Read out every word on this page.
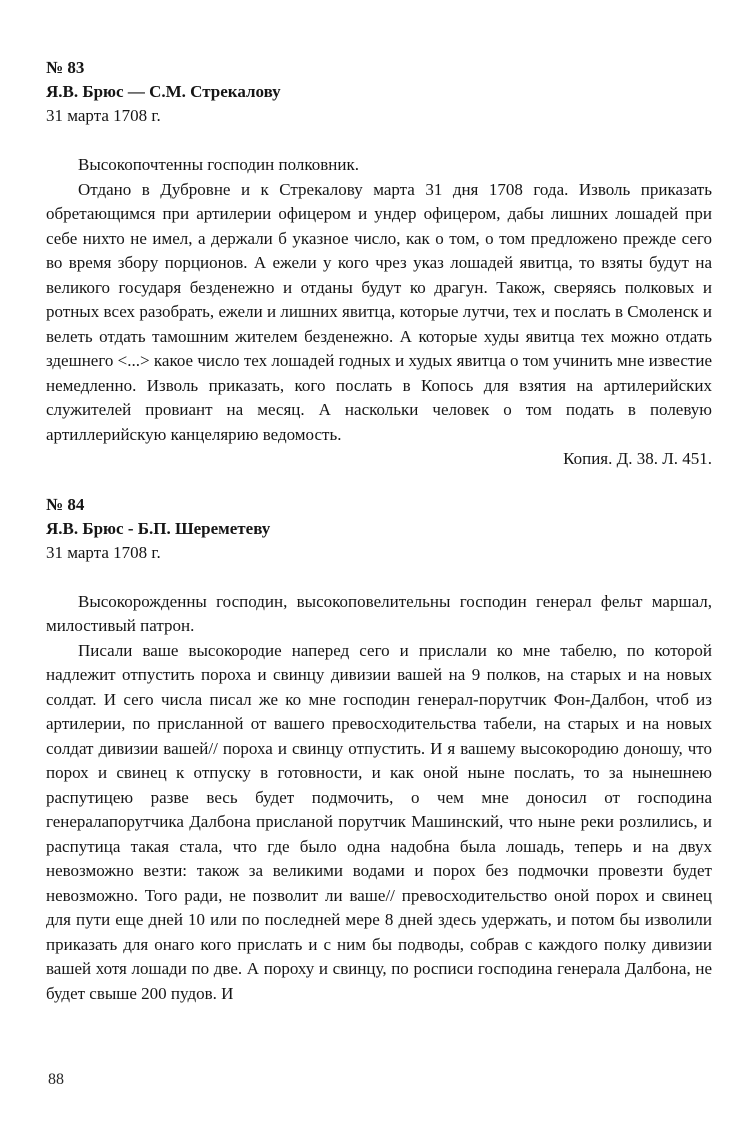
№ 83
Я.В. Брюс — С.М. Стрекалову
31 марта 1708 г.

Высокопочтенны господин полковник.

Отдано в Дубровне и к Стрекалову марта 31 дня 1708 года. Изволь приказать обретающимся при артилерии офицером и ундер офицером, дабы лишних лошадей при себе нихто не имел, а держали б указное число, как о том, о том предложено прежде сего во время збору порционов. А ежели у кого чрез указ лошадей явитца, то взяты будут на великого государя безденежно и отданы будут ко драгун. Також, сверяясь полковых и ротных всех разобрать, ежели и лишних явитца, которые лутчи, тех и послать в Смоленск и велеть отдать тамошним жителем безденежно. А которые худы явитца тех можно отдать здешнего <...> какое число тех лошадей годных и худых явитца о том учинить мне известие немедленно. Изволь приказать, кого послать в Копось для взятия на артилерийских служителей провиант на месяц. А наскольки человек о том подать в полевую артиллерийскую канцелярию ведомость.

Копия. Д. 38. Л. 451.

№ 84
Я.В. Брюс - Б.П. Шереметеву
31 марта 1708 г.

Высокорожденны господин, высокоповелительны господин генерал фельт маршал, милостивый патрон.

Писали ваше высокородие наперед сего и прислали ко мне табелю, по которой надлежит отпустить пороха и свинцу дивизии вашей на 9 полков, на старых и на новых солдат. И сего числа писал же ко мне господин генерал-порутчик Фон-Далбон, чтоб из артилерии, по присланной от вашего превосходительства табели, на старых и на новых солдат дивизии вашей// пороха и свинцу отпустить. И я вашему высокородию доношу, что порох и свинец к отпуску в готовности, и как оной ныне послать, то за нынешнею распутицею разве весь будет подмочить, о чем мне доносил от господина генералапорутчика Далбона присланой порутчик Машинский, что ныне реки розлились, и распутица такая стала, что где было одна надобна была лошадь, теперь и на двух невозможно везти: також за великими водами и порох без подмочки провезти будет невозможно. Того ради, не позволит ли ваше// превосходительство оной порох и свинец для пути еще дней 10 или по последней мере 8 дней здесь удержать, и потом бы изволили приказать для онаго кого прислать и с ним бы подводы, собрав с каждого полку дивизии вашей хотя лошади по две. А пороху и свинцу, по росписи господина генерала Далбона, не будет свыше 200 пудов. И

88
